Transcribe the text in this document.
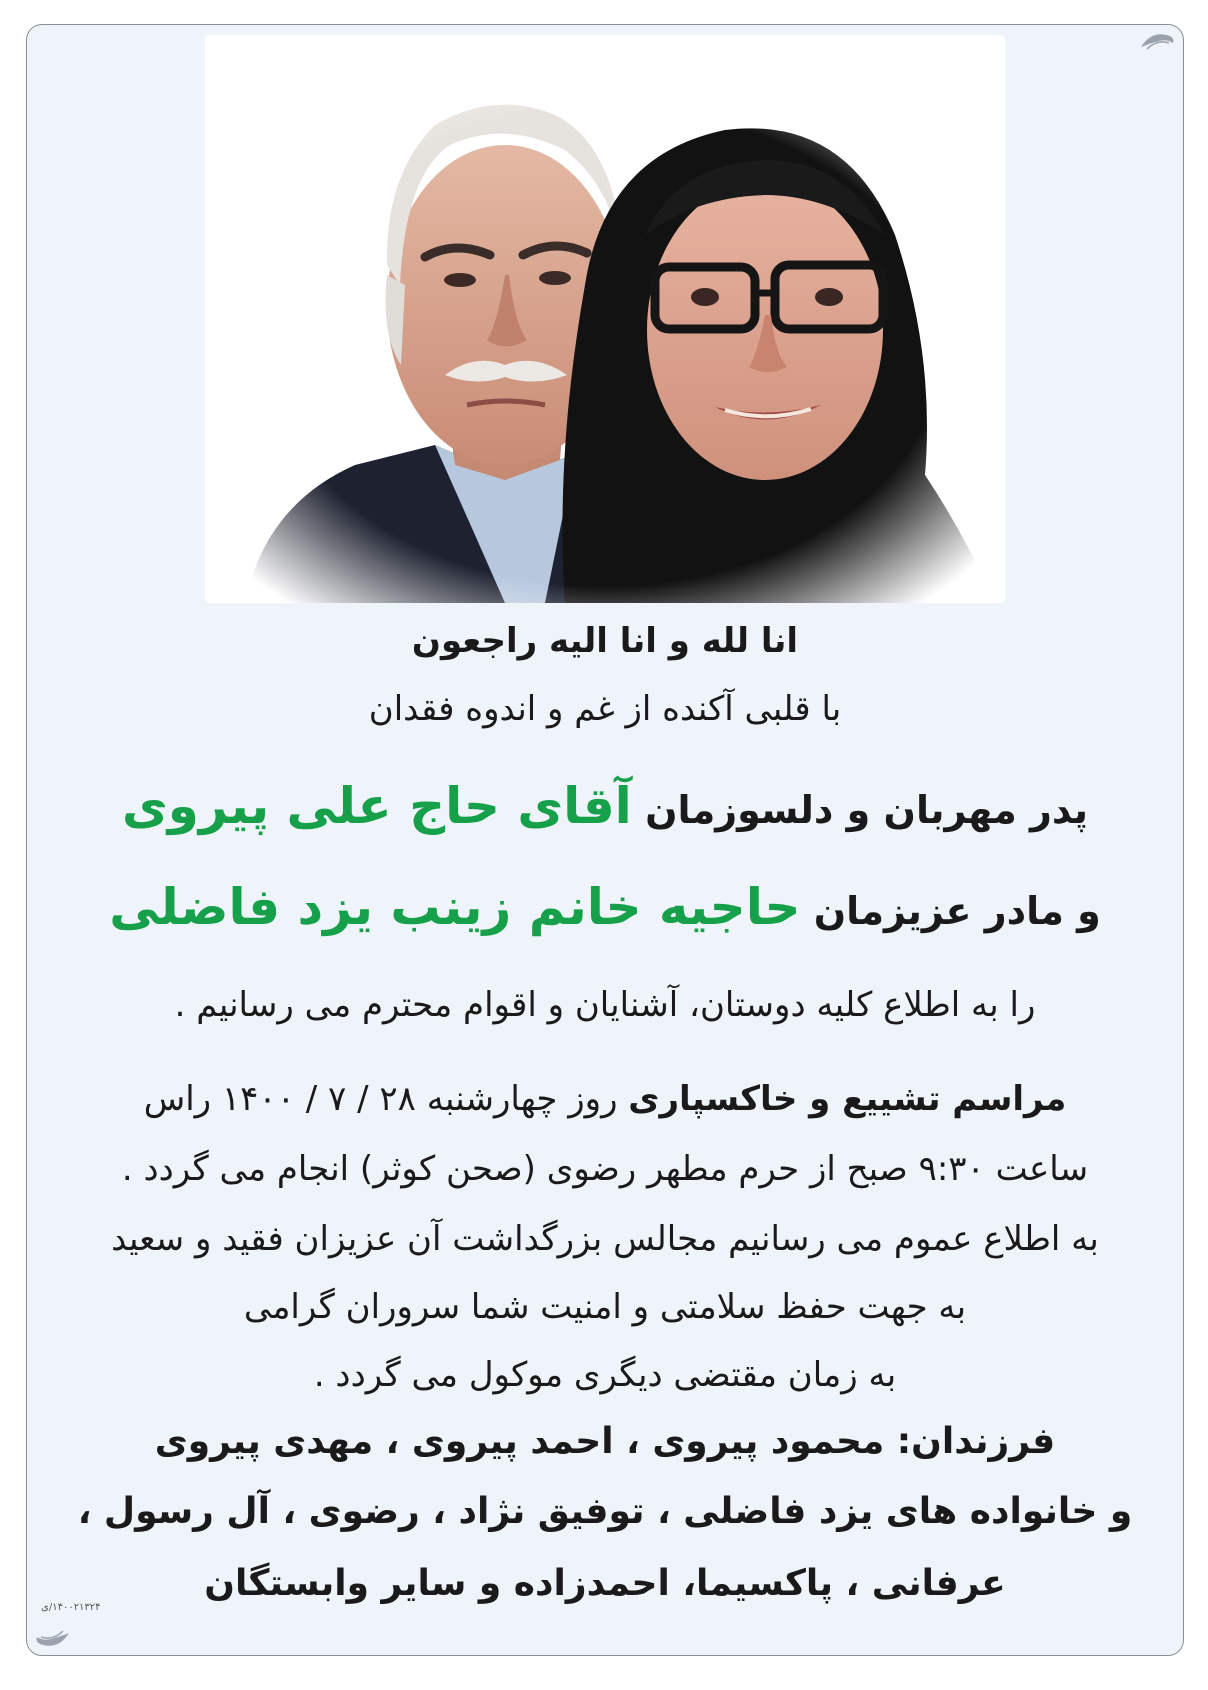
انا لله و انا الیه راجعون
با قلبی آکنده از غم و اندوه فقدان
پدر مهربان و دلسوزمان آقای حاج علی پیروی
و مادر عزیزمان حاجیه خانم زینب یزد فاضلی
را به اطلاع کلیه دوستان، آشنایان و اقوام محترم می رسانیم .
مراسم تشییع و خاکسپاری روز چهارشنبه ۲۸ / ۷ / ۱۴۰۰ راس
ساعت ۹:۳۰ صبح از حرم مطهر رضوی (صحن کوثر) انجام می گردد .
به اطلاع عموم می رسانیم مجالس بزرگداشت آن عزیزان فقید و سعید
به جهت حفظ سلامتی و امنیت شما سروران گرامی
به زمان مقتضی دیگری موکول می گردد .
فرزندان: محمود پیروی ، احمد پیروی ، مهدی پیروی
و خانواده های یزد فاضلی ، توفیق نژاد ، رضوی ، آل رسول ،
عرفانی ، پاکسیما، احمدزاده و سایر وابستگان
۱۴۰۰۲۱۳۲۴/ی
